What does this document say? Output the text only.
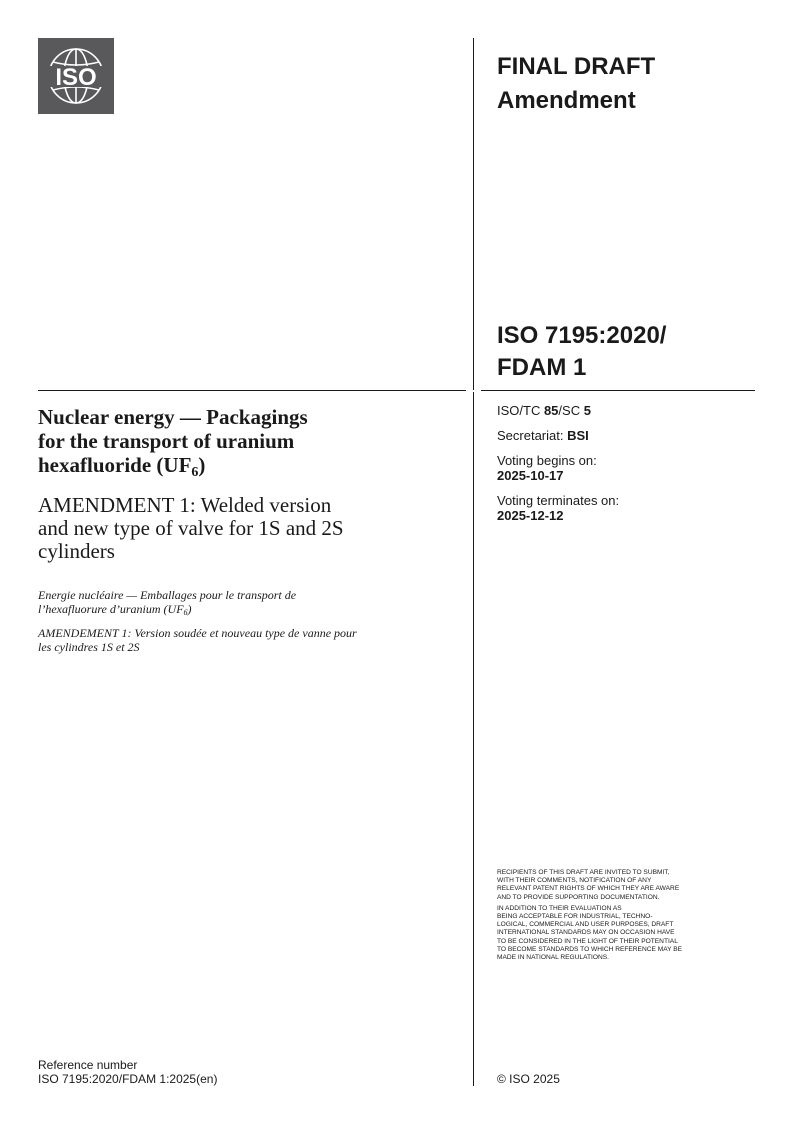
ISO	FINAL DRAFT
Amendment
ISO 7195:2020/
FDAM 1
ISO/TC 85/SC 5
Secretariat: BSI
Voting begins on:
2025-10-17
Voting terminates on:
2025-12-12
Nuclear energy — Packagings
for the transport of uranium
hexafluoride $(UF_6)$
AMENDMENT 1: Welded version
and new type of valve for 1S and 2S
cylinders
Energie nucléaire — Emballages pour le transport de
l’hexafluorure d’uranium $(UF_6)$
AMENDEMENT 1: Version soudée et nouveau type de vanne pour
les cylindres 1S et 2S
RECIPIENTS OF THIS DRAFT ARE INVITED TO SUBMIT,
WITH THEIR COMMENTS, NOTIFICATION OF ANY
RELEVANT PATENT RIGHTS OF WHICH THEY ARE AWARE
AND TO PROVIDE SUPPORTING DOCUMENTATION.
IN ADDITION TO THEIR EVALUATION AS
BEING ACCEPTABLE FOR INDUSTRIAL, TECHNO-
LOGICAL, COMMERCIAL AND USER PURPOSES, DRAFT
INTERNATIONAL STANDARDS MAY ON OCCASION HAVE
TO BE CONSIDERED IN THE LIGHT OF THEIR POTENTIAL
TO BECOME STANDARDS TO WHICH REFERENCE MAY BE
MADE IN NATIONAL REGULATIONS.
Reference number
ISO 7195:2020/FDAM 1:2025(en)	© ISO 2025
